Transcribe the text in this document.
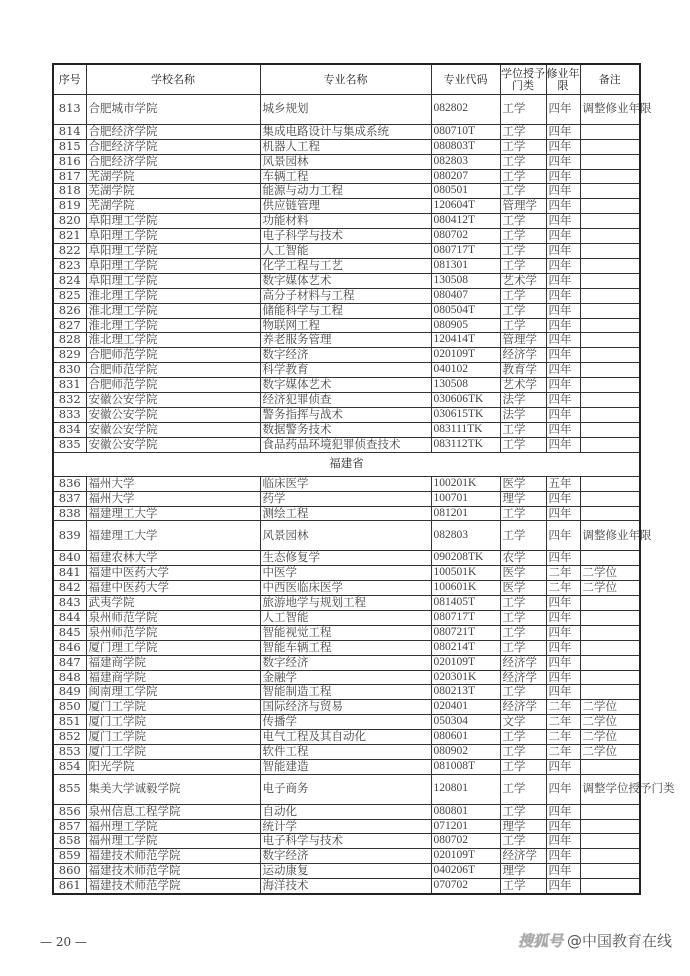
序号	学校名称	专业名称	专业代码	学位授予门类	修业年限	备注
813	合肥城市学院	城乡规划	082802	工学	四年	调整修业年限
814	合肥经济学院	集成电路设计与集成系统	080710T	工学	四年	
815	合肥经济学院	机器人工程	080803T	工学	四年	
816	合肥经济学院	风景园林	082803	工学	四年	
817	芜湖学院	车辆工程	080207	工学	四年	
818	芜湖学院	能源与动力工程	080501	工学	四年	
819	芜湖学院	供应链管理	120604T	管理学	四年	
820	阜阳理工学院	功能材料	080412T	工学	四年	
821	阜阳理工学院	电子科学与技术	080702	工学	四年	
822	阜阳理工学院	人工智能	080717T	工学	四年	
823	阜阳理工学院	化学工程与工艺	081301	工学	四年	
824	阜阳理工学院	数字媒体艺术	130508	艺术学	四年	
825	淮北理工学院	高分子材料与工程	080407	工学	四年	
826	淮北理工学院	储能科学与工程	080504T	工学	四年	
827	淮北理工学院	物联网工程	080905	工学	四年	
828	淮北理工学院	养老服务管理	120414T	管理学	四年	
829	合肥师范学院	数字经济	020109T	经济学	四年	
830	合肥师范学院	科学教育	040102	教育学	四年	
831	合肥师范学院	数字媒体艺术	130508	艺术学	四年	
832	安徽公安学院	经济犯罪侦查	030606TK	法学	四年	
833	安徽公安学院	警务指挥与战术	030615TK	法学	四年	
834	安徽公安学院	数据警务技术	083111TK	工学	四年	
835	安徽公安学院	食品药品环境犯罪侦查技术	083112TK	工学	四年	
福建省						
836	福州大学	临床医学	100201K	医学	五年	
837	福州大学	药学	100701	理学	四年	
838	福建理工大学	测绘工程	081201	工学	四年	
839	福建理工大学	风景园林	082803	工学	四年	调整修业年限
840	福建农林大学	生态修复学	090208TK	农学	四年	
841	福建中医药大学	中医学	100501K	医学	二年	二学位
842	福建中医药大学	中西医临床医学	100601K	医学	二年	二学位
843	武夷学院	旅游地学与规划工程	081405T	工学	四年	
844	泉州师范学院	人工智能	080717T	工学	四年	
845	泉州师范学院	智能视觉工程	080721T	工学	四年	
846	厦门理工学院	智能车辆工程	080214T	工学	四年	
847	福建商学院	数字经济	020109T	经济学	四年	
848	福建商学院	金融学	020301K	经济学	四年	
849	闽南理工学院	智能制造工程	080213T	工学	四年	
850	厦门工学院	国际经济与贸易	020401	经济学	二年	二学位
851	厦门工学院	传播学	050304	文学	二年	二学位
852	厦门工学院	电气工程及其自动化	080601	工学	二年	二学位
853	厦门工学院	软件工程	080902	工学	二年	二学位
854	阳光学院	智能建造	081008T	工学	四年	
855	集美大学诚毅学院	电子商务	120801	工学	四年	调整学位授予门类
856	泉州信息工程学院	自动化	080801	工学	四年	
857	福州理工学院	统计学	071201	理学	四年	
858	福州理工学院	电子科学与技术	080702	工学	四年	
859	福建技术师范学院	数字经济	020109T	经济学	四年	
860	福建技术师范学院	运动康复	040206T	理学	四年	
861	福建技术师范学院	海洋技术	070702	工学	四年	
— 20 —	搜狐号 @中国教育在线
